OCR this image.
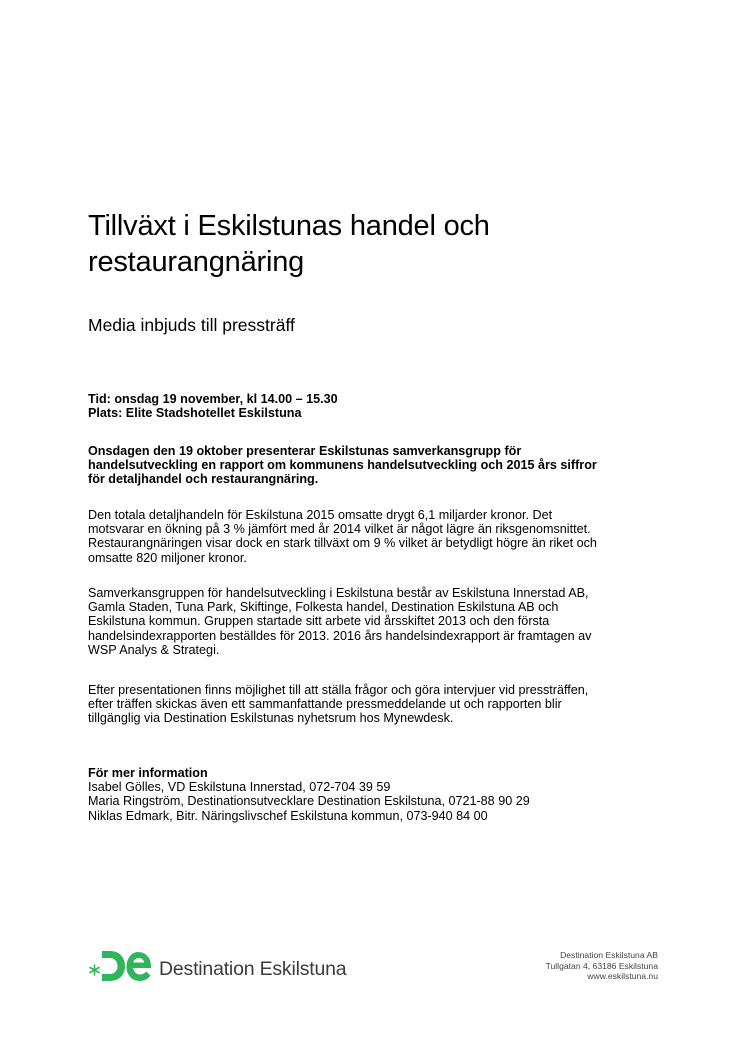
Tillväxt i Eskilstunas handel och
restaurangnäring

Media inbjuds till pressträff

Tid: onsdag 19 november, kl 14.00 – 15.30
Plats: Elite Stadshotellet Eskilstuna
Onsdagen den 19 oktober presenterar Eskilstunas samverkansgrupp för
handelsutveckling en rapport om kommunens handelsutveckling och 2015 års siffror
för detaljhandel och restaurangnäring.
Den totala detaljhandeln för Eskilstuna 2015 omsatte drygt 6,1 miljarder kronor. Det
motsvarar en ökning på 3 % jämfört med år 2014 vilket är något lägre än riksgenomsnittet.
Restaurangnäringen visar dock en stark tillväxt om 9 % vilket är betydligt högre än riket och
omsatte 820 miljoner kronor.
Samverkansgruppen för handelsutveckling i Eskilstuna består av Eskilstuna Innerstad AB,
Gamla Staden, Tuna Park, Skiftinge, Folkesta handel, Destination Eskilstuna AB och
Eskilstuna kommun. Gruppen startade sitt arbete vid årsskiftet 2013 och den första
handelsindexrapporten beställdes för 2013. 2016 års handelsindexrapport är framtagen av
WSP Analys & Strategi.
Efter presentationen finns möjlighet till att ställa frågor och göra intervjuer vid pressträffen,
efter träffen skickas även ett sammanfattande pressmeddelande ut och rapporten blir
tillgänglig via Destination Eskilstunas nyhetsrum hos Mynewdesk.
För mer information
Isabel Gölles, VD Eskilstuna Innerstad, 072-704 39 59
Maria Ringström, Destinationsutvecklare Destination Eskilstuna, 0721-88 90 29
Niklas Edmark, Bitr. Näringslivschef Eskilstuna kommun, 073-940 84 00
Destination Eskilstuna
Destination Eskilstuna AB
Tullgatan 4, 63186 Eskilstuna
www.eskilstuna.nu
